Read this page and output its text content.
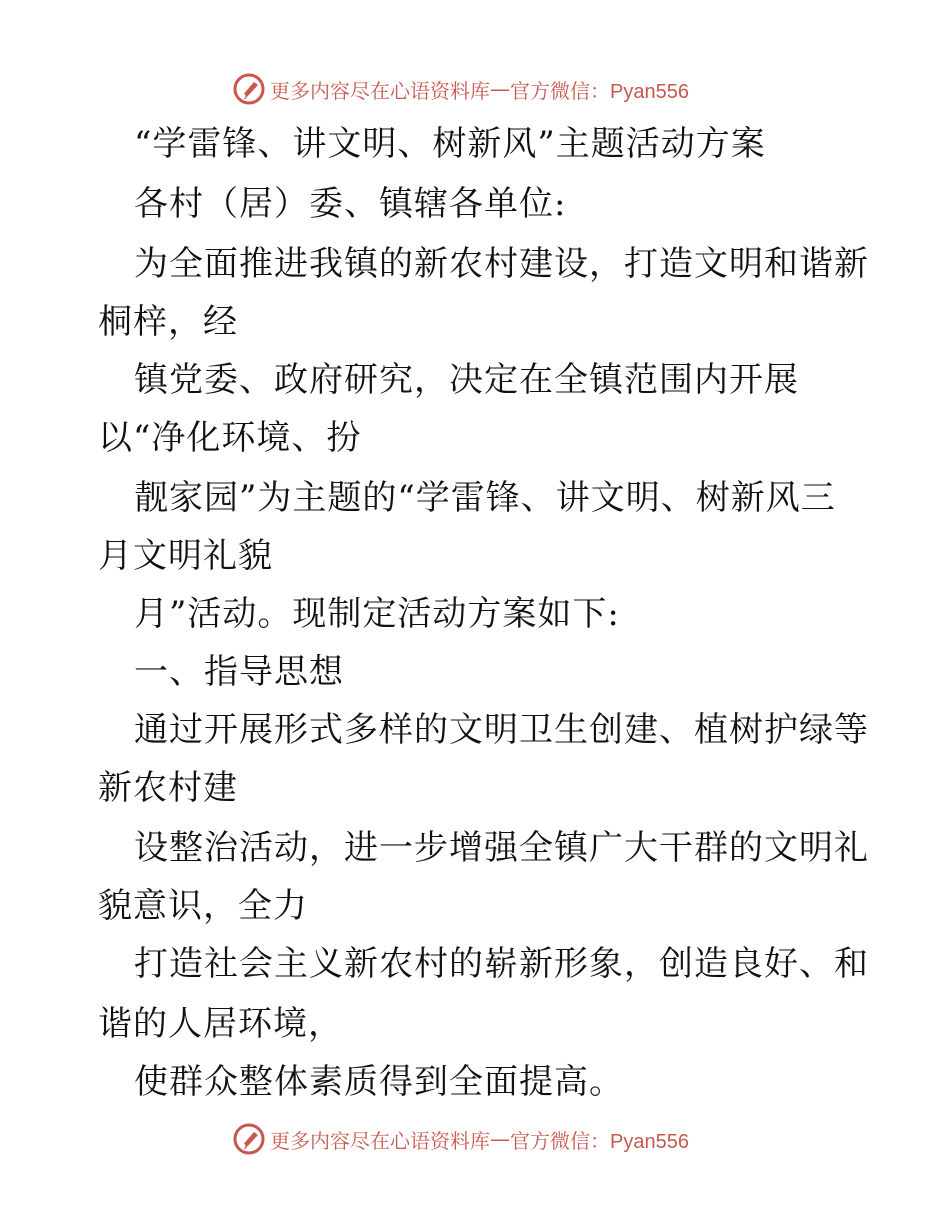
更多内容尽在心语资料库 — 官方微信：Pyan556
“学雷锋、讲文明、树新风”主题活动方案
各村（居）委、镇辖各单位:
为全面推进我镇的新农村建设，打造文明和谐新
桐梓，经
镇党委、政府研究，决定在全镇范围内开展
以“净化环境、扮
靓家园”为主题的“学雷锋、讲文明、树新风三
月文明礼貌
月”活动。现制定活动方案如下:
一、指导思想
通过开展形式多样的文明卫生创建、植树护绿等
新农村建
设整治活动，进一步增强全镇广大干群的文明礼
貌意识，全力
打造社会主义新农村的崭新形象，创造良好、和
谐的人居环境，
使群众整体素质得到全面提高。
更多内容尽在心语资料库 — 官方微信：Pyan556
